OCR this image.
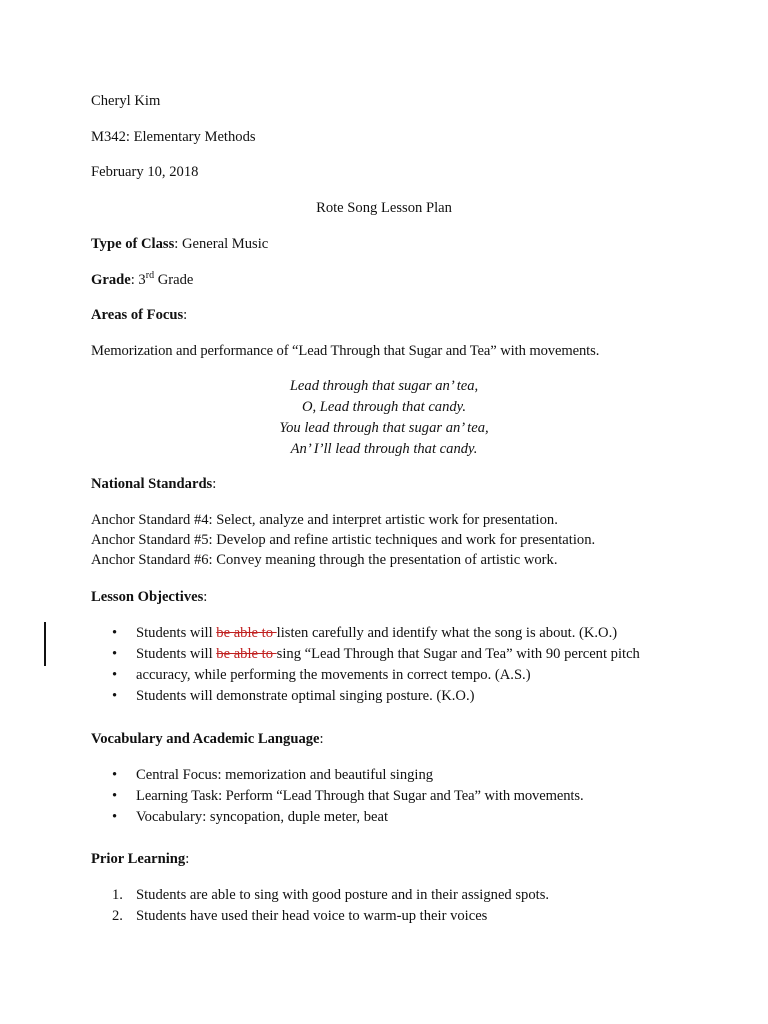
Cheryl Kim
M342: Elementary Methods
February 10, 2018
Rote Song Lesson Plan
Type of Class: General Music
Grade: 3rd Grade
Areas of Focus:
Memorization and performance of “Lead Through that Sugar and Tea” with movements.
Lead through that sugar an’ tea,
O, Lead through that candy.
You lead through that sugar an’ tea,
An’ I’ll lead through that candy.
National Standards:
Anchor Standard #4: Select, analyze and interpret artistic work for presentation.
Anchor Standard #5: Develop and refine artistic techniques and work for presentation.
Anchor Standard #6: Convey meaning through the presentation of artistic work.
Lesson Objectives:
• Students will be able to listen carefully and identify what the song is about. (K.O.)
• Students will be able to sing “Lead Through that Sugar and Tea” with 90 percent pitch
• accuracy, while performing the movements in correct tempo. (A.S.)
• Students will demonstrate optimal singing posture. (K.O.)
Vocabulary and Academic Language:
• Central Focus: memorization and beautiful singing
• Learning Task: Perform “Lead Through that Sugar and Tea” with movements.
• Vocabulary: syncopation, duple meter, beat
Prior Learning:
1. Students are able to sing with good posture and in their assigned spots.
2. Students have used their head voice to warm-up their voices
